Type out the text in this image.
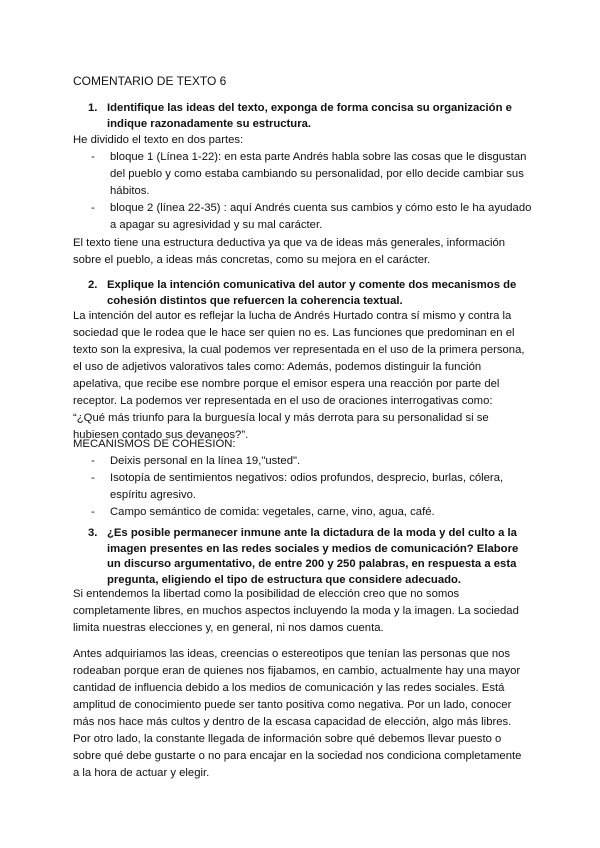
COMENTARIO DE TEXTO 6
1. Identifique las ideas del texto, exponga de forma concisa su organización e indique razonadamente su estructura.

He dividido el texto en dos partes:

- bloque 1 (Línea 1-22): en esta parte Andrés habla sobre las cosas que le disgustan del pueblo y como estaba cambiando su personalidad, por ello decide cambiar sus hábitos.
- bloque 2 (línea 22-35) : aquí Andrés cuenta sus cambios y cómo esto le ha ayudado a apagar su agresividad y su mal carácter.

El texto tiene una estructura deductiva ya que va de ideas más generales, información sobre el pueblo, a ideas más concretas, como su mejora en el carácter.

2. Explique la intención comunicativa del autor y comente dos mecanismos de cohesión distintos que refuercen la coherencia textual.

La intención del autor es reflejar la lucha de Andrés Hurtado contra sí mismo y contra la sociedad que le rodea que le hace ser quien no es. Las funciones que predominan en el texto son la expresiva, la cual podemos ver representada en el uso de la primera persona, el uso de adjetivos valorativos tales como: Además, podemos distinguir la función apelativa, que recibe ese nombre porque el emisor espera una reacción por parte del receptor. La podemos ver representada en el uso de oraciones interrogativas como: “¿Qué más triunfo para la burguesía local y más derrota para su personalidad si se hubiesen contado sus devaneos?”.

MECANISMOS DE COHESIÓN:

- Deixis personal en la línea 19,"usted".
- Isotopía de sentimientos negativos: odios profundos, desprecio, burlas, cólera, espíritu agresivo.
- Campo semántico de comida: vegetales, carne, vino, agua, café.
3. ¿Es posible permanecer inmune ante la dictadura de la moda y del culto a la imagen presentes en las redes sociales y medios de comunicación? Elabore un discurso argumentativo, de entre 200 y 250 palabras, en respuesta a esta pregunta, eligiendo el tipo de estructura que considere adecuado.

Si entendemos la libertad como la posibilidad de elección creo que no somos completamente libres, en muchos aspectos incluyendo la moda y la imagen. La sociedad limita nuestras elecciones y, en general, ni nos damos cuenta.

Antes adquiriamos las ideas, creencias o estereotipos que tenían las personas que nos rodeaban porque eran de quienes nos fijabamos, en cambio, actualmente hay una mayor cantidad de influencia debido a los medios de comunicación y las redes sociales. Está amplitud de conocimiento puede ser tanto positiva como negativa. Por un lado, conocer más nos hace más cultos y dentro de la escasa capacidad de elección, algo más libres. Por otro lado, la constante llegada de información sobre qué debemos llevar puesto o sobre qué debe gustarte o no para encajar en la sociedad nos condiciona completamente a la hora de actuar y elegir.
